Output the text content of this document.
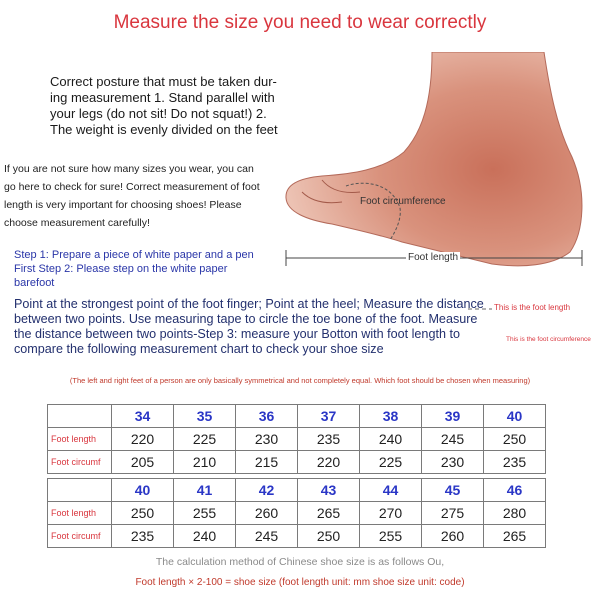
Measure the size you need to wear correctly
Correct posture that must be taken dur-ing measurement 1. Stand parallel with your legs (do not sit! Do not squat!) 2. The weight is evenly divided on the feet
If you are not sure how many sizes you wear, you can go here to check for sure! Correct measurement of foot length is very important for choosing shoes! Please choose measurement carefully!
Step 1: Prepare a piece of white paper and a pen First Step 2: Please step on the white paper barefoot
Foot circumference
Foot length
This is the foot length
This is the foot circumference
Point at the strongest point of the foot finger; Point at the heel; Measure the distance between two points. Use measuring tape to circle the toe bone of the foot. Measure the distance between two points-Step 3: measure your Botton with foot length to compare the following measurement chart to check your shoe size
(The left and right feet of a person are only basically symmetrical and not completely equal. Which foot should be chosen when measuring)
	34	35	36	37	38	39	40
Foot length	220	225	230	235	240	245	250
Foot circumf	205	210	215	220	225	230	235
	40	41	42	43	44	45	46
Foot length	250	255	260	265	270	275	280
Foot circumf	235	240	245	250	255	260	265
The calculation method of Chinese shoe size is as follows Ou,
Foot length × 2-100 = shoe size (foot length unit: mm shoe size unit: code)
